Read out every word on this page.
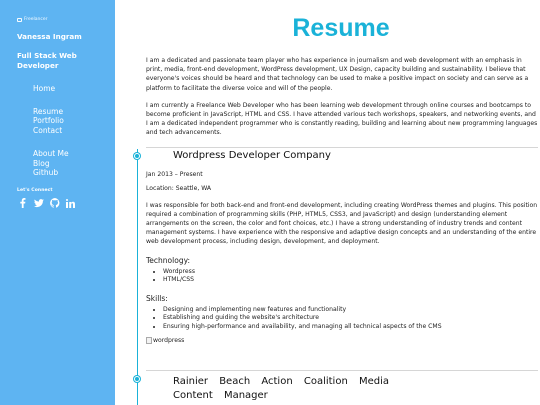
Freelancer
Vanessa Ingram
Full Stack Web Developer
Home
Resume
Portfolio
Contact
About Me
Blog
Github
Let's Connect
Resume

I am a dedicated and passionate team player who has experience in journalism and web development with an emphasis in print, media, front-end development, WordPress development, UX Design, capacity building and sustainability. I believe that everyone's voices should be heard and that technology can be used to make a positive impact on society and can serve as a platform to facilitate the diverse voice and will of the people.

I am currently a Freelance Web Developer who has been learning web development through online courses and bootcamps to become proficient in JavaScript, HTML and CSS. I have attended various tech workshops, speakers, and networking events, and I am a dedicated independent programmer who is constantly reading, building and learning about new programming languages and tech advancements.

Wordpress Developer Company
Jan 2013 – Present
Location: Seattle, WA

I was responsible for both back-end and front-end development, including creating WordPress themes and plugins. This position required a combination of programming skills (PHP, HTML5, CSS3, and JavaScript) and design (understanding element arrangements on the screen, the color and font choices, etc.) I have a strong understanding of industry trends and content management systems. I have experience with the responsive and adaptive design concepts and an understanding of the entire web development process, including design, development, and deployment.

Technology:
• Wordpress
• HTML/CSS
Skills:
• Designing and implementing new features and functionality
• Establishing and guiding the website's architecture
• Ensuring high-performance and availability, and managing all technical aspects of the CMS
wordpress
Rainier Beach Action Coalition Media Content Manager
